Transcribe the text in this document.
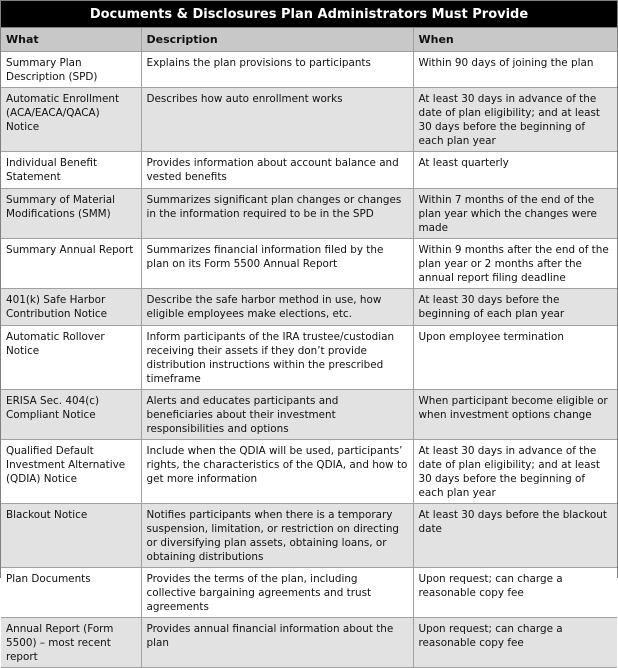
Documents & Disclosures Plan Administrators Must Provide
What	Description	When
Summary Plan Description (SPD)	Explains the plan provisions to participants	Within 90 days of joining the plan
Automatic Enrollment (ACA/EACA/QACA) Notice	Describes how auto enrollment works	At least 30 days in advance of the date of plan eligibility; and at least 30 days before the beginning of each plan year
Individual Benefit Statement	Provides information about account balance and vested benefits	At least quarterly
Summary of Material Modifications (SMM)	Summarizes significant plan changes or changes in the information required to be in the SPD	Within 7 months of the end of the plan year which the changes were made
Summary Annual Report	Summarizes financial information filed by the plan on its Form 5500 Annual Report	Within 9 months after the end of the plan year or 2 months after the annual report filing deadline
401(k) Safe Harbor Contribution Notice	Describe the safe harbor method in use, how eligible employees make elections, etc.	At least 30 days before the beginning of each plan year
Automatic Rollover Notice	Inform participants of the IRA trustee/custodian receiving their assets if they don’t provide distribution instructions within the prescribed timeframe	Upon employee termination
ERISA Sec. 404(c) Compliant Notice	Alerts and educates participants and beneficiaries about their investment responsibilities and options	When participant become eligible or when investment options change
Qualified Default Investment Alternative (QDIA) Notice	Include when the QDIA will be used, participants’ rights, the characteristics of the QDIA, and how to get more information	At least 30 days in advance of the date of plan eligibility; and at least 30 days before the beginning of each plan year
Blackout Notice	Notifies participants when there is a temporary suspension, limitation, or restriction on directing or diversifying plan assets, obtaining loans, or obtaining distributions	At least 30 days before the blackout date
Plan Documents	Provides the terms of the plan, including collective bargaining agreements and trust agreements	Upon request; can charge a reasonable copy fee
Annual Report (Form 5500) – most recent report	Provides annual financial information about the plan	Upon request; can charge a reasonable copy fee
